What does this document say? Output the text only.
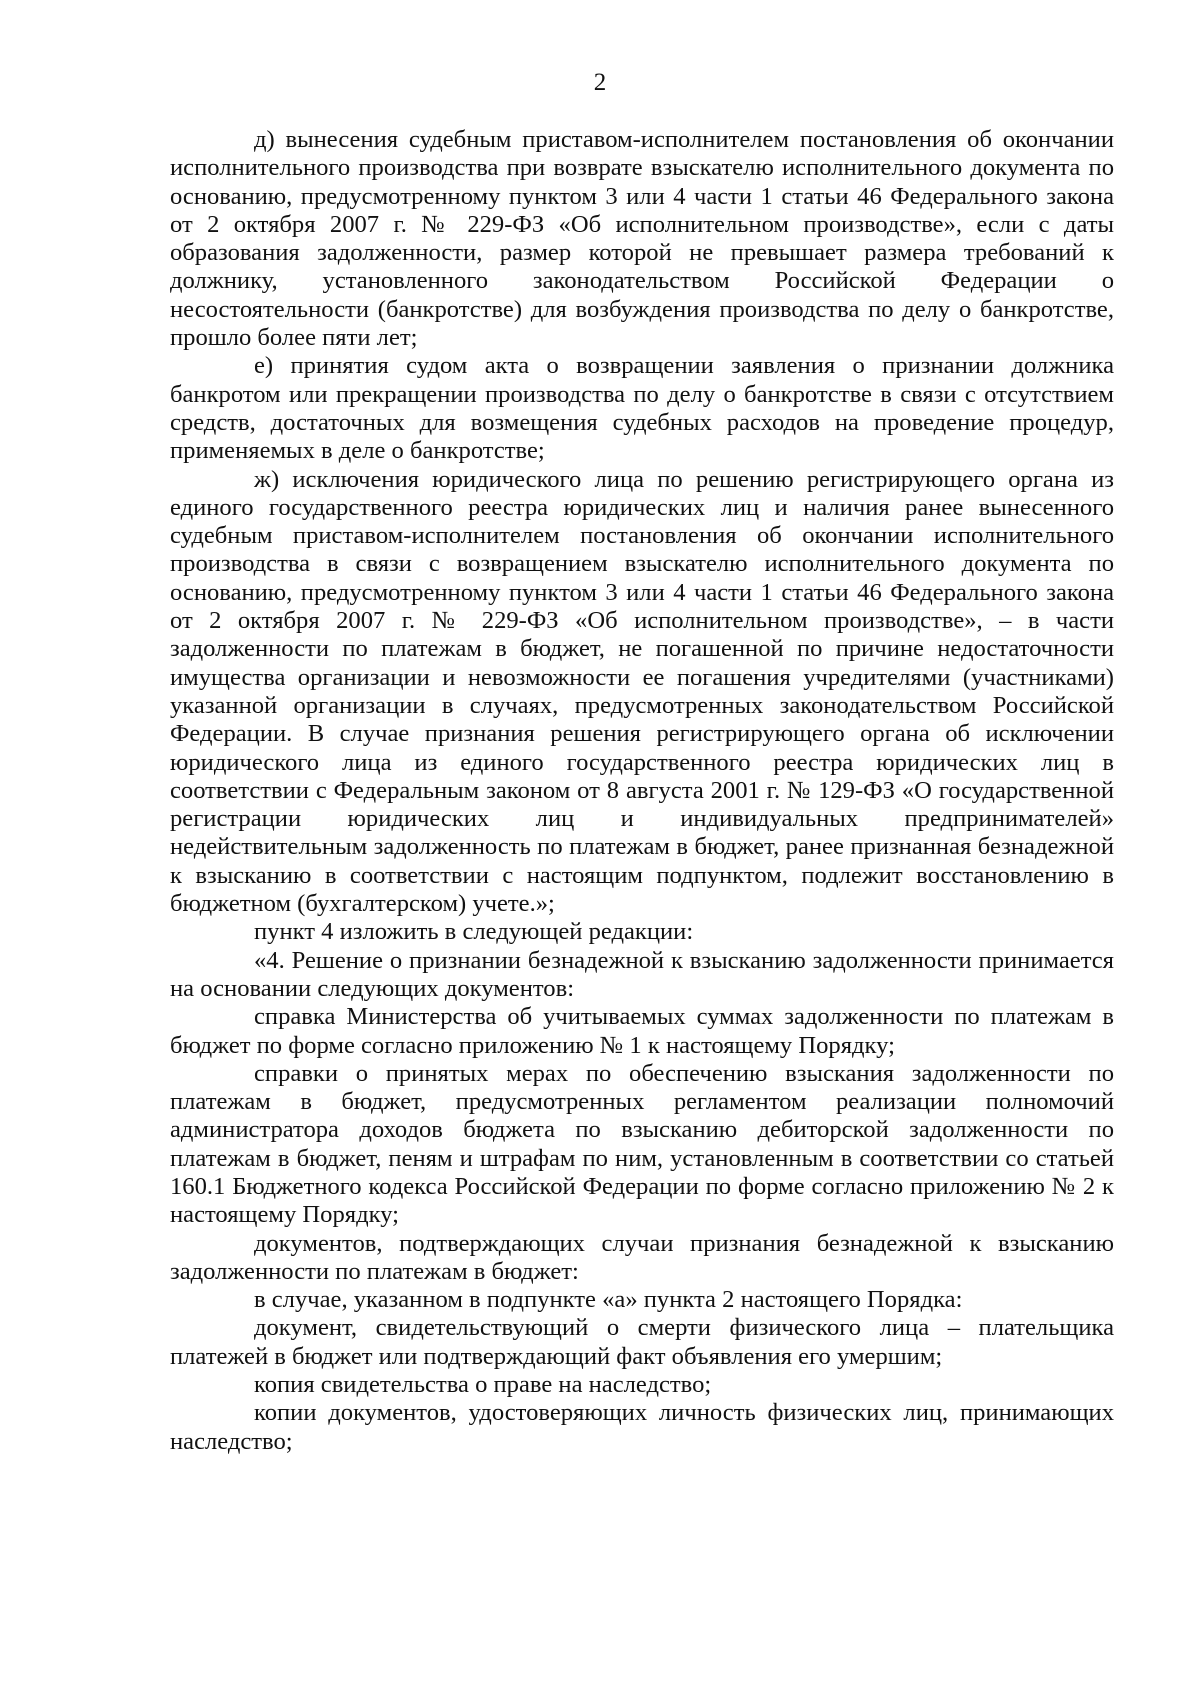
2

д) вынесения судебным приставом-исполнителем постановления об окончании исполнительного производства при возврате взыскателю исполнительного документа по основанию, предусмотренному пунктом 3 или 4 части 1 статьи 46 Федерального закона от 2 октября 2007 г. № 229-ФЗ «Об исполнительном производстве», если с даты образования задолженности, размер которой не превышает размера требований к должнику, установленного законодательством Российской Федерации о несостоятельности (банкротстве) для возбуждения производства по делу о банкротстве, прошло более пяти лет;

е) принятия судом акта о возвращении заявления о признании должника банкротом или прекращении производства по делу о банкротстве в связи с отсутствием средств, достаточных для возмещения судебных расходов на проведение процедур, применяемых в деле о банкротстве;

ж) исключения юридического лица по решению регистрирующего органа из единого государственного реестра юридических лиц и наличия ранее вынесенного судебным приставом-исполнителем постановления об окончании исполнительного производства в связи с возвращением взыскателю исполнительного документа по основанию, предусмотренному пунктом 3 или 4 части 1 статьи 46 Федерального закона от 2 октября 2007 г. № 229-ФЗ «Об исполнительном производстве», – в части задолженности по платежам в бюджет, не погашенной по причине недостаточности имущества организации и невозможности ее погашения учредителями (участниками) указанной организации в случаях, предусмотренных законодательством Российской Федерации. В случае признания решения регистрирующего органа об исключении юридического лица из единого государственного реестра юридических лиц в соответствии с Федеральным законом от 8 августа 2001 г. № 129-ФЗ «О государственной регистрации юридических лиц и индивидуальных предпринимателей» недействительным задолженность по платежам в бюджет, ранее признанная безнадежной к взысканию в соответствии с настоящим подпунктом, подлежит восстановлению в бюджетном (бухгалтерском) учете.»;

пункт 4 изложить в следующей редакции:

«4. Решение о признании безнадежной к взысканию задолженности принимается на основании следующих документов:

справка Министерства об учитываемых суммах задолженности по платежам в бюджет по форме согласно приложению № 1 к настоящему Порядку;

справки о принятых мерах по обеспечению взыскания задолженности по платежам в бюджет, предусмотренных регламентом реализации полномочий администратора доходов бюджета по взысканию дебиторской задолженности по платежам в бюджет, пеням и штрафам по ним, установленным в соответствии со статьей 160.1 Бюджетного кодекса Российской Федерации по форме согласно приложению № 2 к настоящему Порядку;

документов, подтверждающих случаи признания безнадежной к взысканию задолженности по платежам в бюджет:

в случае, указанном в подпункте «а» пункта 2 настоящего Порядка:

документ, свидетельствующий о смерти физического лица – плательщика платежей в бюджет или подтверждающий факт объявления его умершим;

копия свидетельства о праве на наследство;

копии документов, удостоверяющих личность физических лиц, принимающих наследство;
